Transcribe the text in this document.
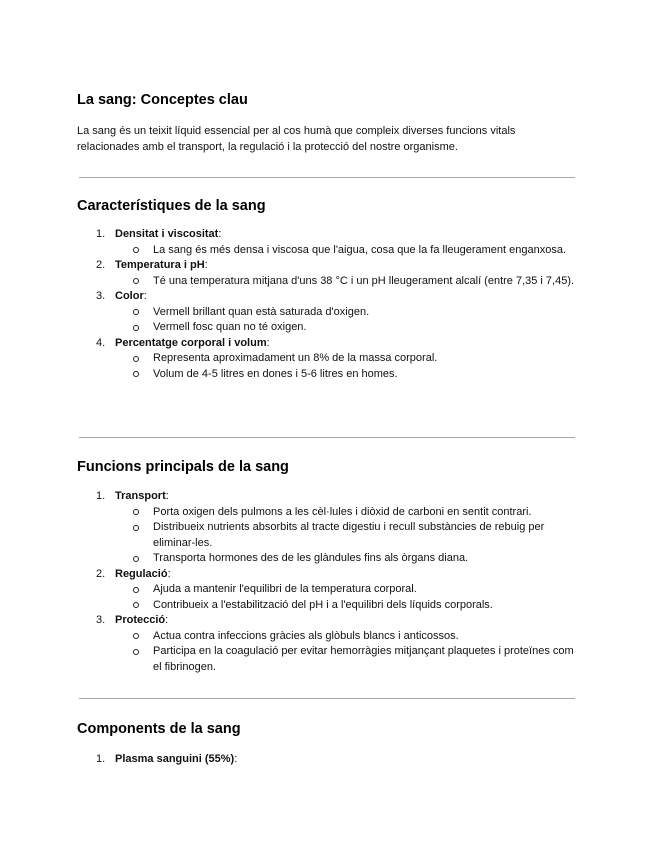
La sang: Conceptes clau

La sang és un teixit líquid essencial per al cos humà que compleix diverses funcions vitals relacionades amb el transport, la regulació i la protecció del nostre organisme.

Característiques de la sang
1. Densitat i viscositat:
La sang és més densa i viscosa que l'aigua, cosa que la fa lleugerament enganxosa.
2. Temperatura i pH:
Té una temperatura mitjana d'uns 38 °C i un pH lleugerament alcalí (entre 7,35 i 7,45).
3. Color:
Vermell brillant quan està saturada d'oxigen.
Vermell fosc quan no té oxigen.
4. Percentatge corporal i volum:
Representa aproximadament un 8% de la massa corporal.
Volum de 4-5 litres en dones i 5-6 litres en homes.
Funcions principals de la sang
1. Transport:
Porta oxigen dels pulmons a les cèl·lules i diòxid de carboni en sentit contrari.
Distribueix nutrients absorbits al tracte digestiu i recull substàncies de rebuig per eliminar-les.
Transporta hormones des de les glàndules fins als òrgans diana.
2. Regulació:
Ajuda a mantenir l'equilibri de la temperatura corporal.
Contribueix a l'estabilització del pH i a l'equilibri dels líquids corporals.
3. Protecció:
Actua contra infeccions gràcies als glòbuls blancs i anticossos.
Participa en la coagulació per evitar hemorràgies mitjançant plaquetes i proteïnes com el fibrinogen.
Components de la sang
1. Plasma sanguini (55%):
